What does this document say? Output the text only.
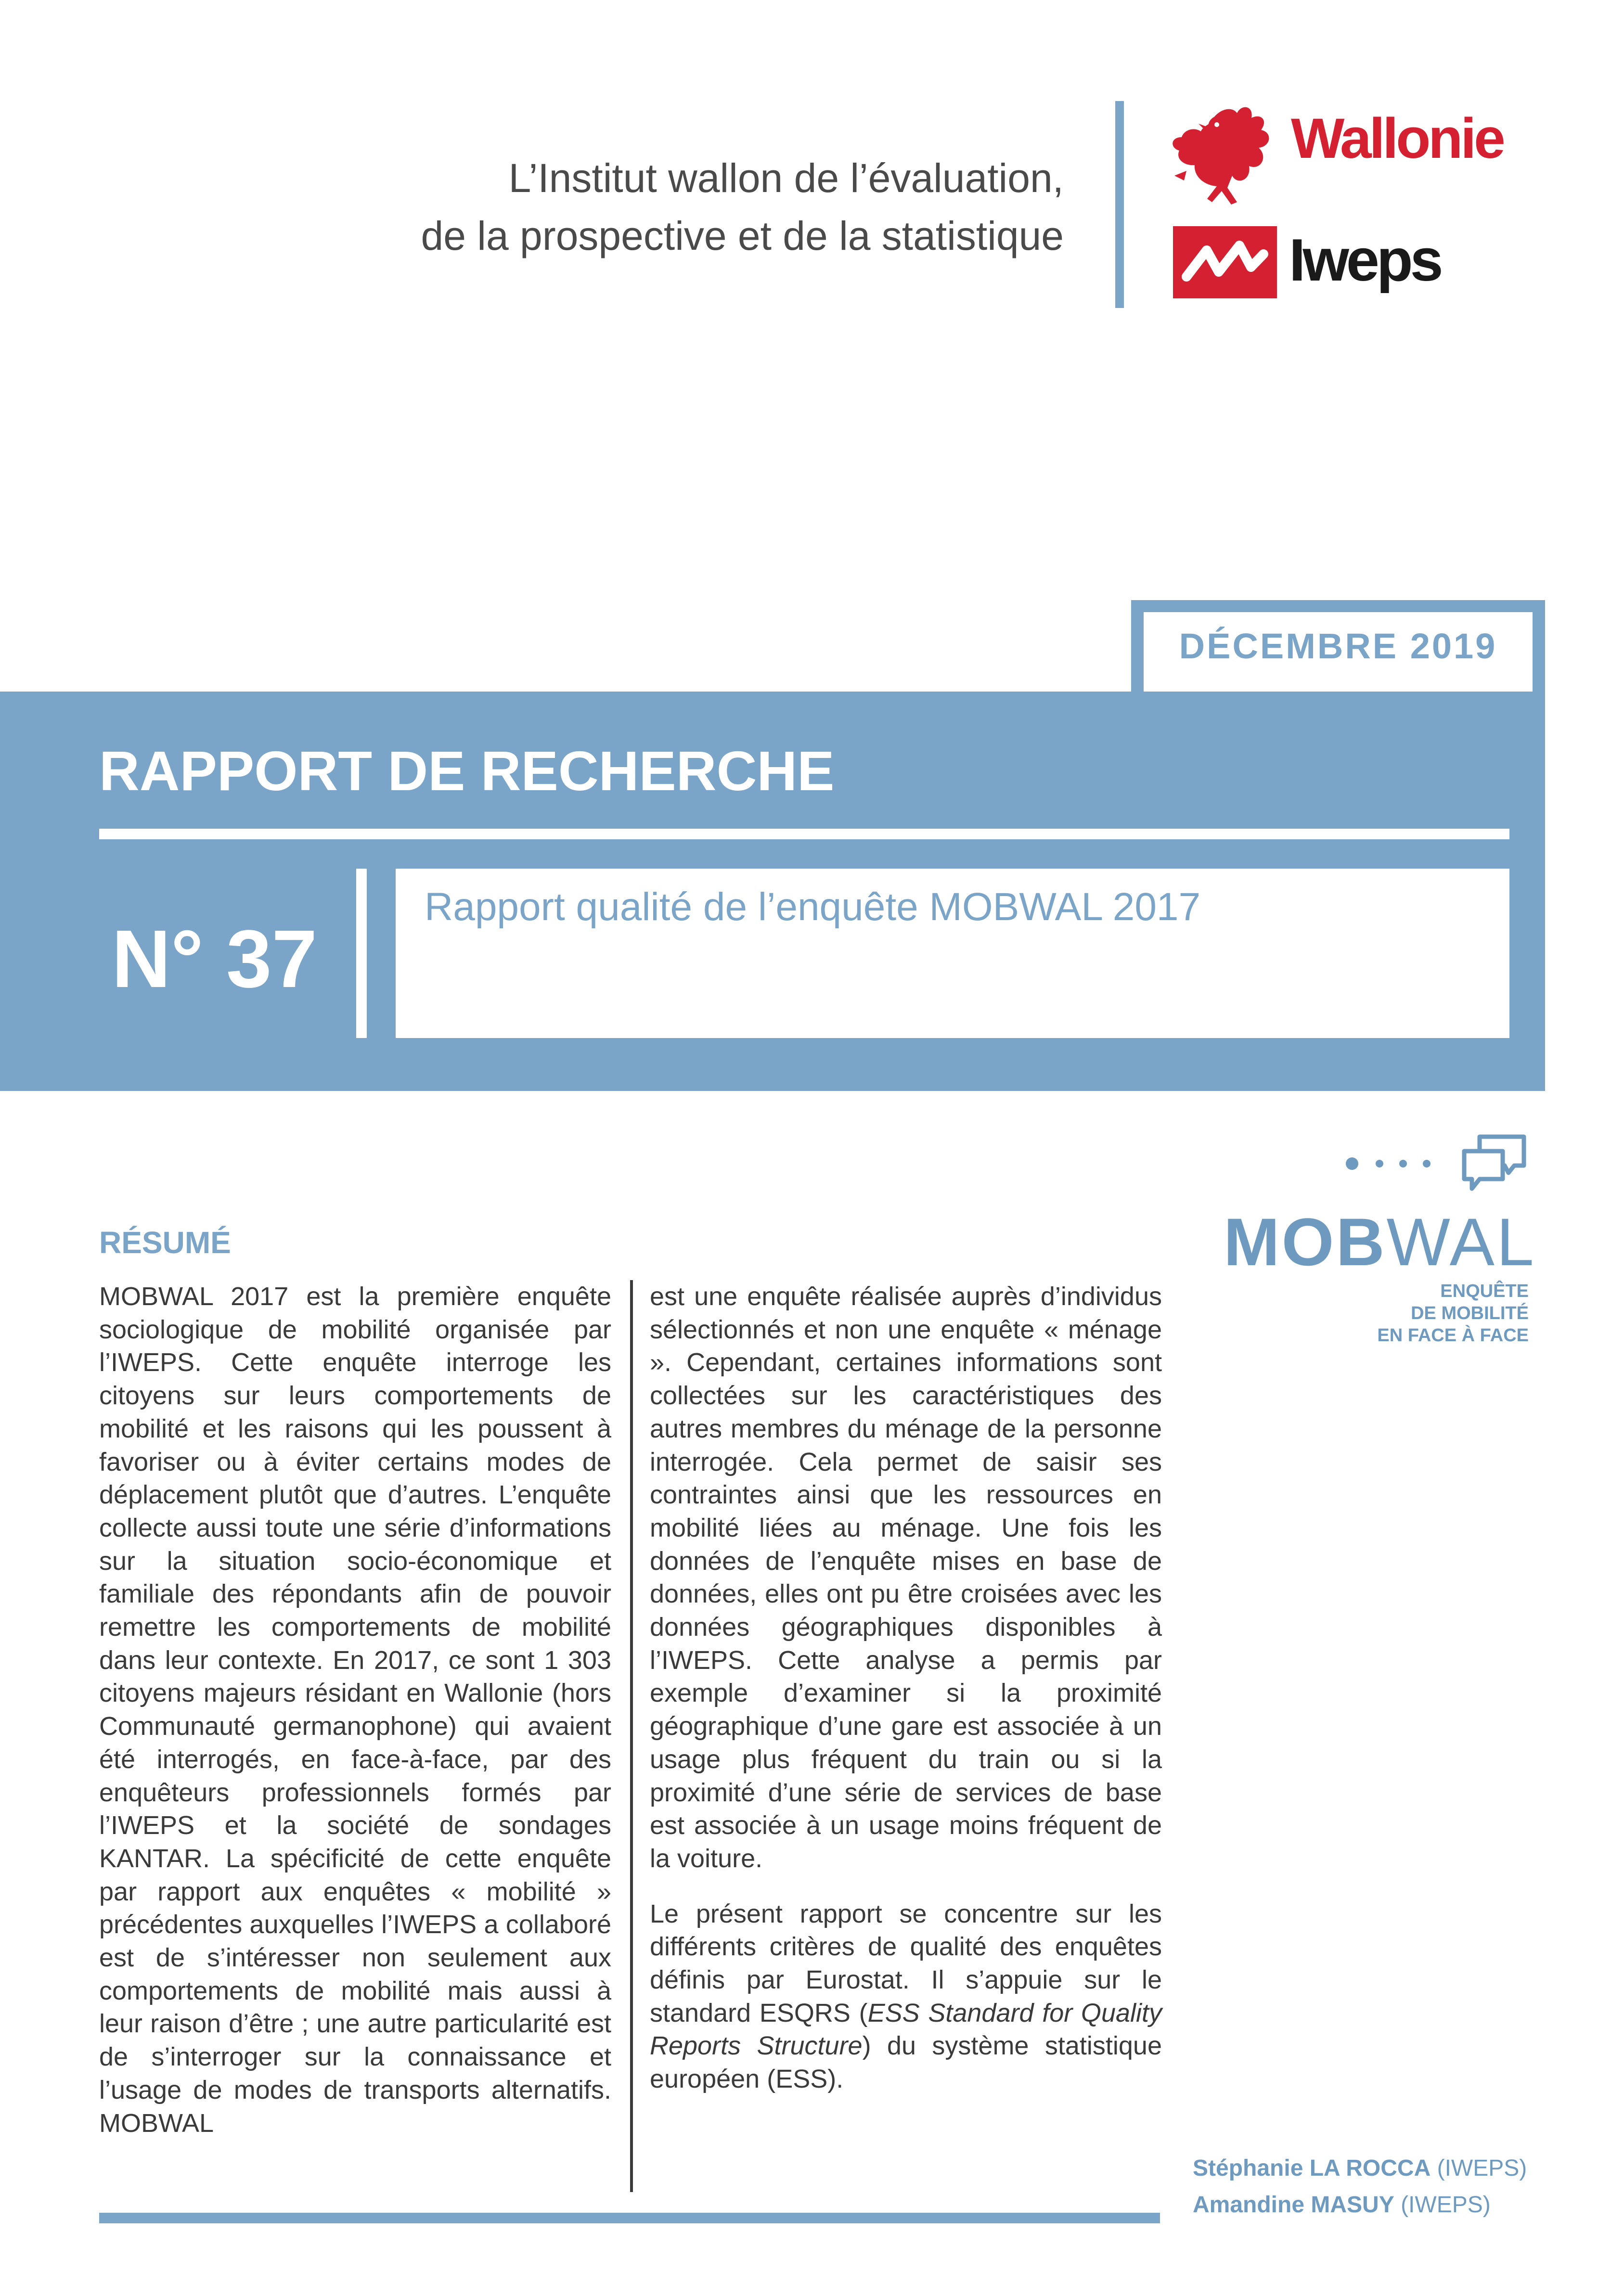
L’Institut wallon de l’évaluation,
de la prospective et de la statistique
Wallonie
Iweps
DÉCEMBRE 2019
RAPPORT DE RECHERCHE
N° 37
Rapport qualité de l’enquête MOBWAL 2017
MOBWAL
ENQUÊTE
DE MOBILITÉ
EN FACE À FACE
RÉSUMÉ

MOBWAL 2017 est la première enquête sociologique de mobilité organisée par l’IWEPS. Cette enquête interroge les citoyens sur leurs comportements de mobilité et les raisons qui les poussent à favoriser ou à éviter certains modes de déplacement plutôt que d’autres. L’enquête collecte aussi toute une série d’informations sur la situation socio-économique et familiale des répondants afin de pouvoir remettre les comportements de mobilité dans leur contexte. En 2017, ce sont 1 303 citoyens majeurs résidant en Wallonie (hors Communauté germanophone) qui avaient été interrogés, en face-à-face, par des enquêteurs professionnels formés par l’IWEPS et la société de sondages KANTAR. La spécificité de cette enquête par rapport aux enquêtes « mobilité » précédentes auxquelles l’IWEPS a collaboré est de s’intéresser non seulement aux comportements de mobilité mais aussi à leur raison d’être ; une autre particularité est de s’interroger sur la connaissance et l’usage de modes de transports alternatifs. MOBWAL

est une enquête réalisée auprès d’individus sélectionnés et non une enquête « ménage ». Cependant, certaines informations sont collectées sur les caractéristiques des autres membres du ménage de la personne interrogée. Cela permet de saisir ses contraintes ainsi que les ressources en mobilité liées au ménage. Une fois les données de l’enquête mises en base de données, elles ont pu être croisées avec les données géographiques disponibles à l’IWEPS. Cette analyse a permis par exemple d’examiner si la proximité géographique d’une gare est associée à un usage plus fréquent du train ou si la proximité d’une série de services de base est associée à un usage moins fréquent de la voiture.

Le présent rapport se concentre sur les différents critères de qualité des enquêtes définis par Eurostat. Il s’appuie sur le standard ESQRS (ESS Standard for Quality Reports Structure) du système statistique européen (ESS).

Stéphanie LA ROCCA (IWEPS)
Amandine MASUY (IWEPS)
